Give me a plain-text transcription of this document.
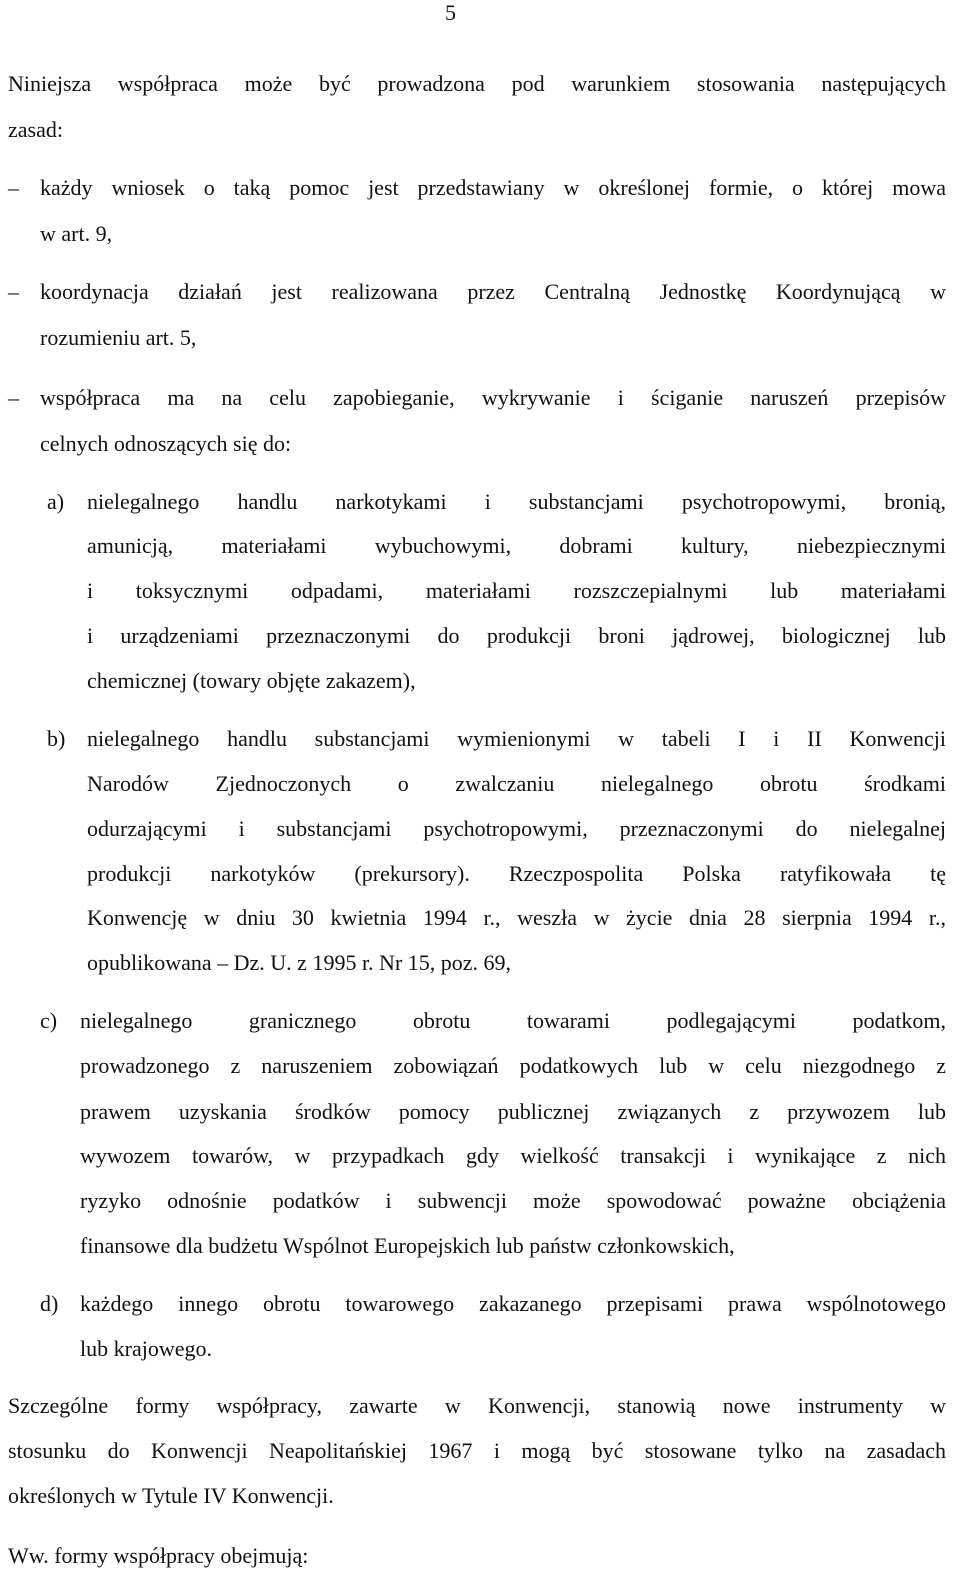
5
Niniejsza współpraca może być prowadzona pod warunkiem stosowania następujących
zasad:
– każdy wniosek o taką pomoc jest przedstawiany w określonej formie, o której mowa
w art. 9,
– koordynacja działań jest realizowana przez Centralną Jednostkę Koordynującą w
rozumieniu art. 5,
– współpraca ma na celu zapobieganie, wykrywanie i ściganie naruszeń przepisów
celnych odnoszących się do:
a) nielegalnego handlu narkotykami i substancjami psychotropowymi, bronią,
amunicją, materiałami wybuchowymi, dobrami kultury, niebezpiecznymi
i toksycznymi odpadami, materiałami rozszczepialnymi lub materiałami
i urządzeniami przeznaczonymi do produkcji broni jądrowej, biologicznej lub
chemicznej (towary objęte zakazem),
b) nielegalnego handlu substancjami wymienionymi w tabeli I i II Konwencji
Narodów Zjednoczonych o zwalczaniu nielegalnego obrotu środkami
odurzającymi i substancjami psychotropowymi, przeznaczonymi do nielegalnej
produkcji narkotyków (prekursory). Rzeczpospolita Polska ratyfikowała tę
Konwencję w dniu 30 kwietnia 1994 r., weszła w życie dnia 28 sierpnia 1994 r.,
opublikowana – Dz. U. z 1995 r. Nr 15, poz. 69,
c) nielegalnego granicznego obrotu towarami podlegającymi podatkom,
prowadzonego z naruszeniem zobowiązań podatkowych lub w celu niezgodnego z
prawem uzyskania środków pomocy publicznej związanych z przywozem lub
wywozem towarów, w przypadkach gdy wielkość transakcji i wynikające z nich
ryzyko odnośnie podatków i subwencji może spowodować poważne obciążenia
finansowe dla budżetu Wspólnot Europejskich lub państw członkowskich,
d) każdego innego obrotu towarowego zakazanego przepisami prawa wspólnotowego
lub krajowego.
Szczególne formy współpracy, zawarte w Konwencji, stanowią nowe instrumenty w
stosunku do Konwencji Neapolitańskiej 1967 i mogą być stosowane tylko na zasadach
określonych w Tytule IV Konwencji.
Ww. formy współpracy obejmują:
